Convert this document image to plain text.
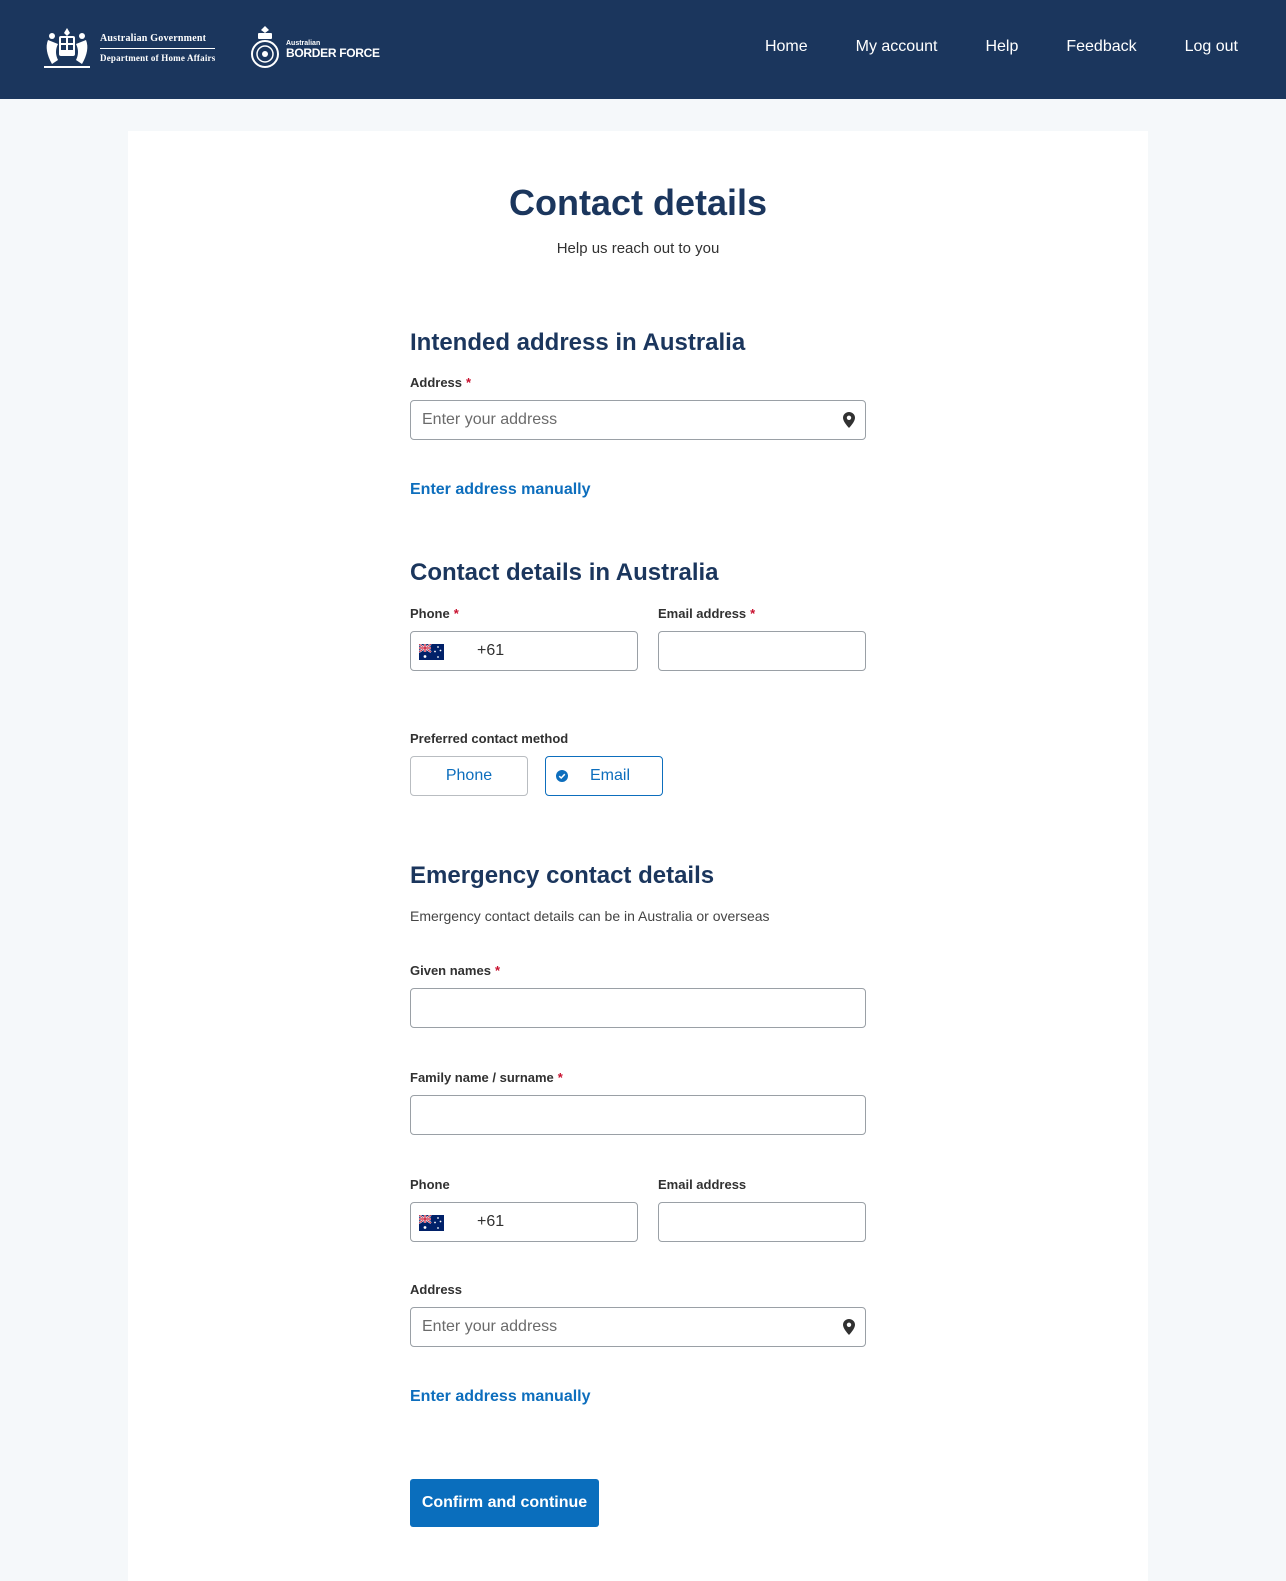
Australian Government
Department of Home Affairs
Australian
BORDER FORCE	Home	My account	Help	Feedback	Log out
Contact details

Help us reach out to you

Intended address in Australia
Address *
Enter your address
Enter address manually
Contact details in Australia
Phone *	Email address *
+61
Preferred contact method
Phone	Email
Emergency contact details

Emergency contact details can be in Australia or overseas

Given names *
Family name / surname *
Phone	Email address
+61
Address
Enter your address
Enter address manually
Confirm and continue
